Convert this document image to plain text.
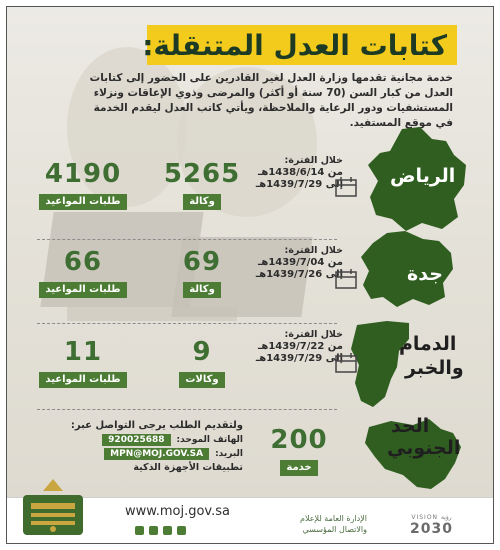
كتابات العدل المتنقلة:
خدمة مجانية تقدمها وزارة العدل لغير القادرين على الحضور إلى كتابات العدل من كبار السن (70 سنة أو أكثر) والمرضى وذوي الإعاقات ونزلاء المستشفيات ودور الرعاية والملاحظة، ويأتي كاتب العدل ليقدم الخدمة في موقع المستفيد.
الرياض
خلال الفترة:
من 1438/6/14هـ
إلى 1439/7/29هـ
5265
وكالة
4190
طلبات المواعيد
جدة
خلال الفترة:
من 1439/7/04هـ
إلى 1439/7/26هـ
69
وكالة
66
طلبات المواعيد
الدمام
والخبر
خلال الفترة:
من 1439/7/22هـ
إلى 1439/7/29هـ
9
وكالات
11
طلبات المواعيد
الحد
الجنوبي
200
خدمة
ولتقديم الطلب يرجى التواصل عبر:
الهاتف الموحد:
920025688
البريد:
MPN@MOJ.GOV.SA
تطبيقات الأجهزة الذكية
www.moj.gov.sa	الإدارة العامة للإعلام
والاتصال المؤسسي
VISION رؤية
2030
